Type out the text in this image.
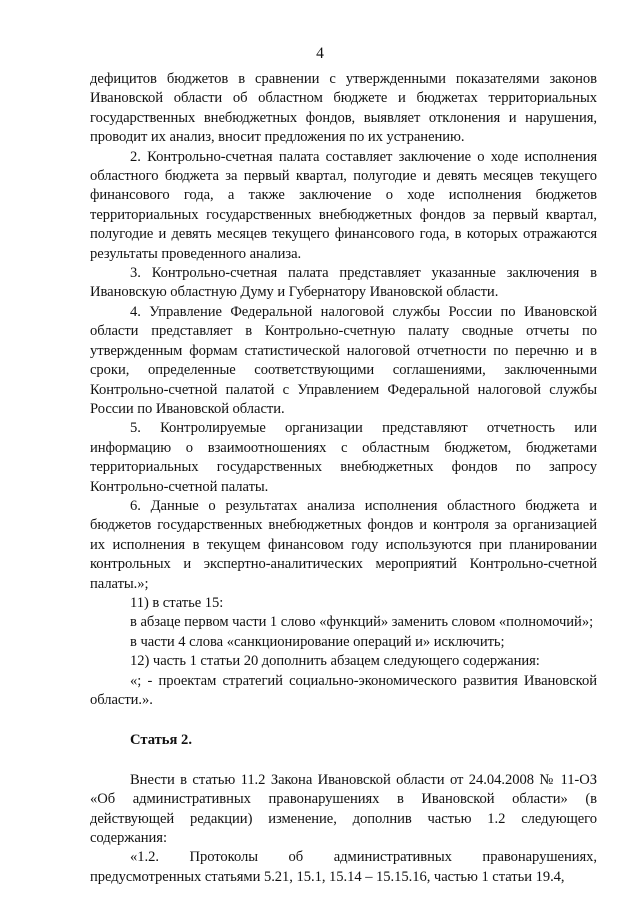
4

дефицитов бюджетов в сравнении с утвержденными показателями законов Ивановской области об областном бюджете и бюджетах территориальных государственных внебюджетных фондов, выявляет отклонения и нарушения, проводит их анализ, вносит предложения по их устранению.

2. Контрольно-счетная палата составляет заключение о ходе исполнения областного бюджета за первый квартал, полугодие и девять месяцев текущего финансового года, а также заключение о ходе исполнения бюджетов территориальных государственных внебюджетных фондов за первый квартал, полугодие и девять месяцев текущего финансового года, в которых отражаются результаты проведенного анализа.

3. Контрольно-счетная палата представляет указанные заключения в Ивановскую областную Думу и Губернатору Ивановской области.

4. Управление Федеральной налоговой службы России по Ивановской области представляет в Контрольно-счетную палату сводные отчеты по утвержденным формам статистической налоговой отчетности по перечню и в сроки, определенные соответствующими соглашениями, заключенными Контрольно-счетной палатой с Управлением Федеральной налоговой службы России по Ивановской области.

5. Контролируемые организации представляют отчетность или информацию о взаимоотношениях с областным бюджетом, бюджетами территориальных государственных внебюджетных фондов по запросу Контрольно-счетной палаты.

6. Данные о результатах анализа исполнения областного бюджета и бюджетов государственных внебюджетных фондов и контроля за организацией их исполнения в текущем финансовом году используются при планировании контрольных и экспертно-аналитических мероприятий Контрольно-счетной палаты.»;

11) в статье 15:

в абзаце первом части 1 слово «функций» заменить словом «полномочий»;

в части 4 слова «санкционирование операций и» исключить;

12) часть 1 статьи 20 дополнить абзацем следующего содержания:

«; - проектам стратегий социально-экономического развития Ивановской области.».

Статья 2.

Внести в статью 11.2 Закона Ивановской области от 24.04.2008 № 11-ОЗ «Об административных правонарушениях в Ивановской области» (в действующей редакции) изменение, дополнив частью 1.2 следующего содержания:

«1.2. Протоколы об административных правонарушениях, предусмотренных статьями 5.21, 15.1, 15.14 – 15.15.16, частью 1 статьи 19.4,
